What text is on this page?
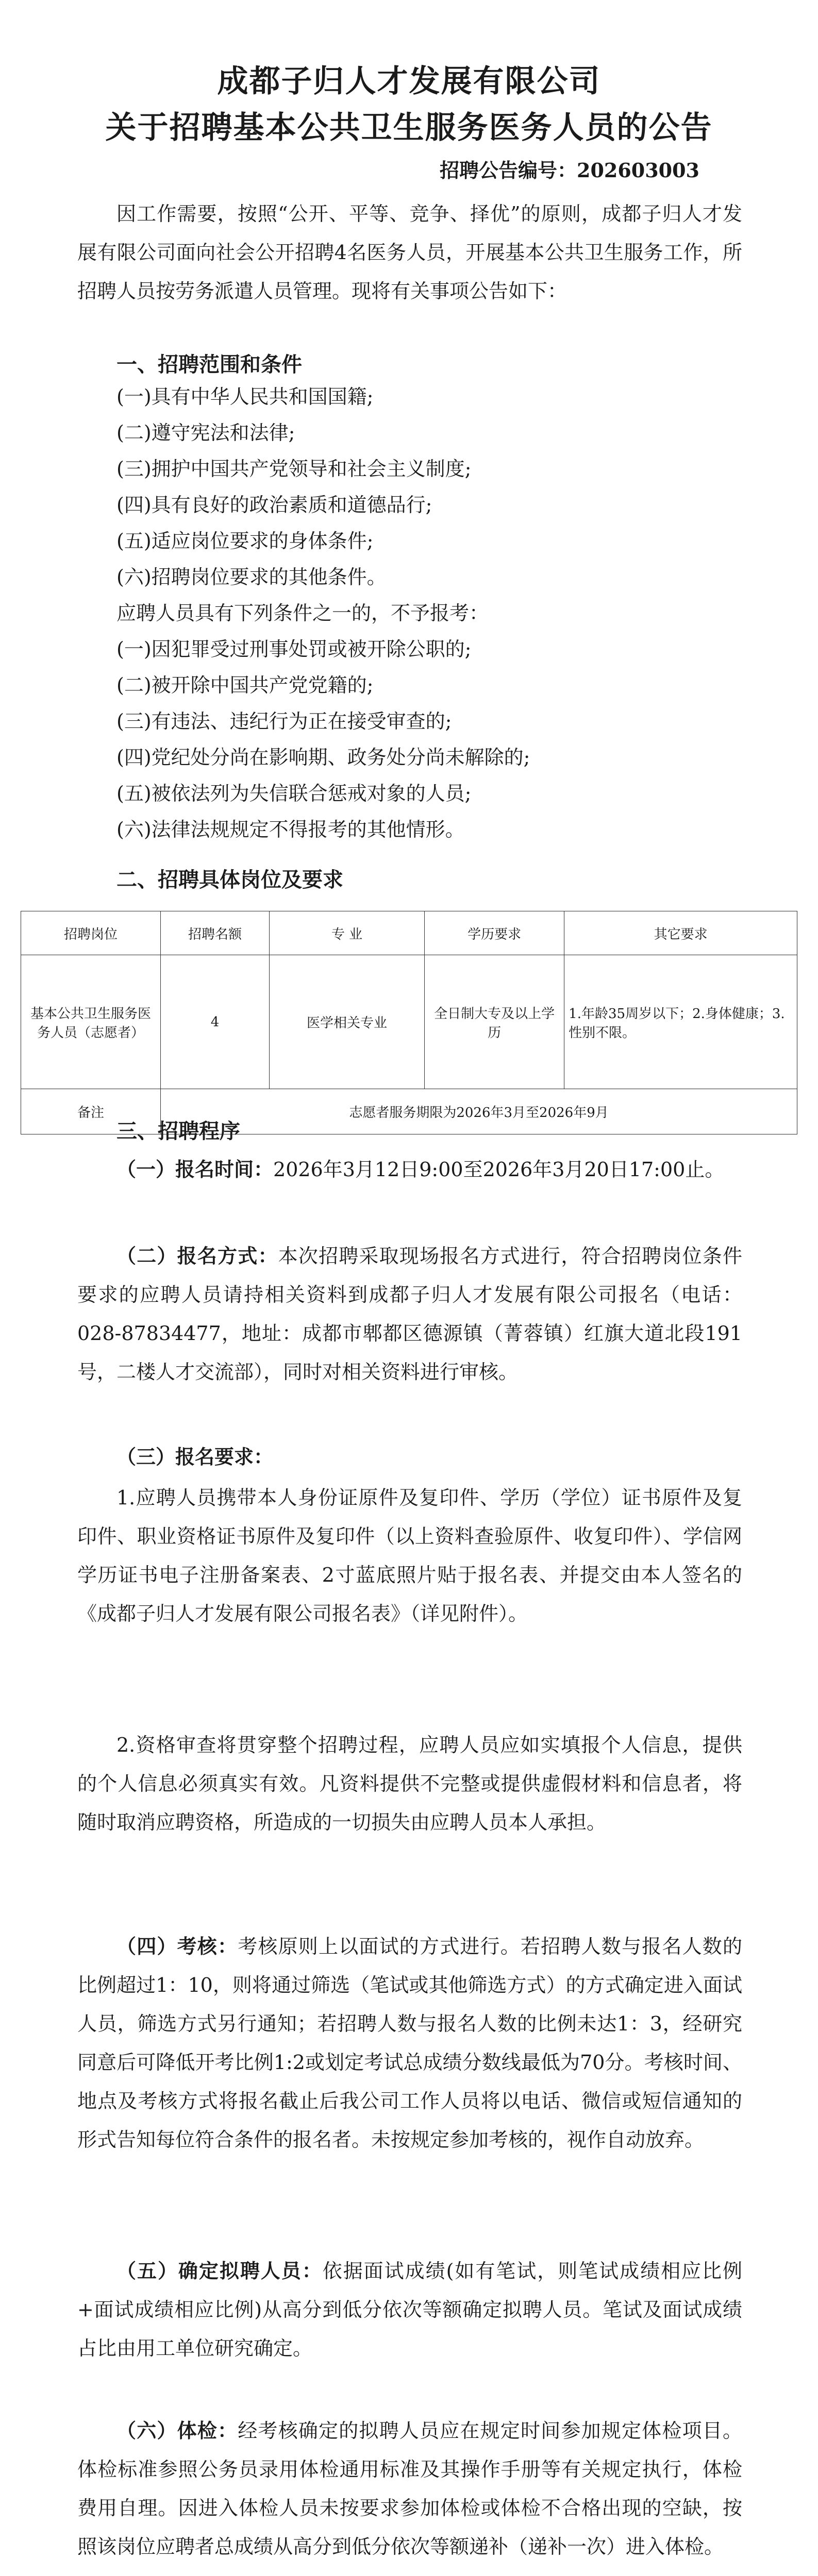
成都子归人才发展有限公司
关于招聘基本公共卫生服务医务人员的公告
招聘公告编号：202603003
因工作需要，按照“公开、平等、竞争、择优”的原则，成都子归人才发展有限公司面向社会公开招聘4名医务人员，开展基本公共卫生服务工作，所招聘人员按劳务派遣人员管理。现将有关事项公告如下：
一、招聘范围和条件
(一)具有中华人民共和国国籍;
(二)遵守宪法和法律;
(三)拥护中国共产党领导和社会主义制度;
(四)具有良好的政治素质和道德品行;
(五)适应岗位要求的身体条件;
(六)招聘岗位要求的其他条件。
应聘人员具有下列条件之一的，不予报考：
(一)因犯罪受过刑事处罚或被开除公职的;
(二)被开除中国共产党党籍的;
(三)有违法、违纪行为正在接受审查的;
(四)党纪处分尚在影响期、政务处分尚未解除的;
(五)被依法列为失信联合惩戒对象的人员;
(六)法律法规规定不得报考的其他情形。
二、招聘具体岗位及要求
招聘岗位	招聘名额	专 业	学历要求	其它要求
基本公共卫生服务医务人员（志愿者）	4	医学相关专业	全日制大专及以上学历	1.年龄35周岁以下；2.身体健康；3.性别不限。
备注	志愿者服务期限为2026年3月至2026年9月			
三、招聘程序
（一）报名时间：2026年3月12日9:00至2026年3月20日17:00止。
（二）报名方式：本次招聘采取现场报名方式进行，符合招聘岗位条件要求的应聘人员请持相关资料到成都子归人才发展有限公司报名（电话：028-87834477，地址：成都市郫都区德源镇（菁蓉镇）红旗大道北段191号，二楼人才交流部），同时对相关资料进行审核。
（三）报名要求：
1.应聘人员携带本人身份证原件及复印件、学历（学位）证书原件及复印件、职业资格证书原件及复印件（以上资料查验原件、收复印件）、学信网学历证书电子注册备案表、2寸蓝底照片贴于报名表、并提交由本人签名的《成都子归人才发展有限公司报名表》（详见附件）。
2.资格审查将贯穿整个招聘过程，应聘人员应如实填报个人信息，提供的个人信息必须真实有效。凡资料提供不完整或提供虚假材料和信息者，将随时取消应聘资格，所造成的一切损失由应聘人员本人承担。
（四）考核：考核原则上以面试的方式进行。若招聘人数与报名人数的比例超过1：10，则将通过筛选（笔试或其他筛选方式）的方式确定进入面试人员，筛选方式另行通知；若招聘人数与报名人数的比例未达1：3，经研究同意后可降低开考比例1:2或划定考试总成绩分数线最低为70分。考核时间、地点及考核方式将报名截止后我公司工作人员将以电话、微信或短信通知的形式告知每位符合条件的报名者。未按规定参加考核的，视作自动放弃。
（五）确定拟聘人员：依据面试成绩(如有笔试，则笔试成绩相应比例+面试成绩相应比例)从高分到低分依次等额确定拟聘人员。笔试及面试成绩占比由用工单位研究确定。
（六）体检：经考核确定的拟聘人员应在规定时间参加规定体检项目。体检标准参照公务员录用体检通用标准及其操作手册等有关规定执行，体检费用自理。因进入体检人员未按要求参加体检或体检不合格出现的空缺，按照该岗位应聘者总成绩从高分到低分依次等额递补（递补一次）进入体检。
